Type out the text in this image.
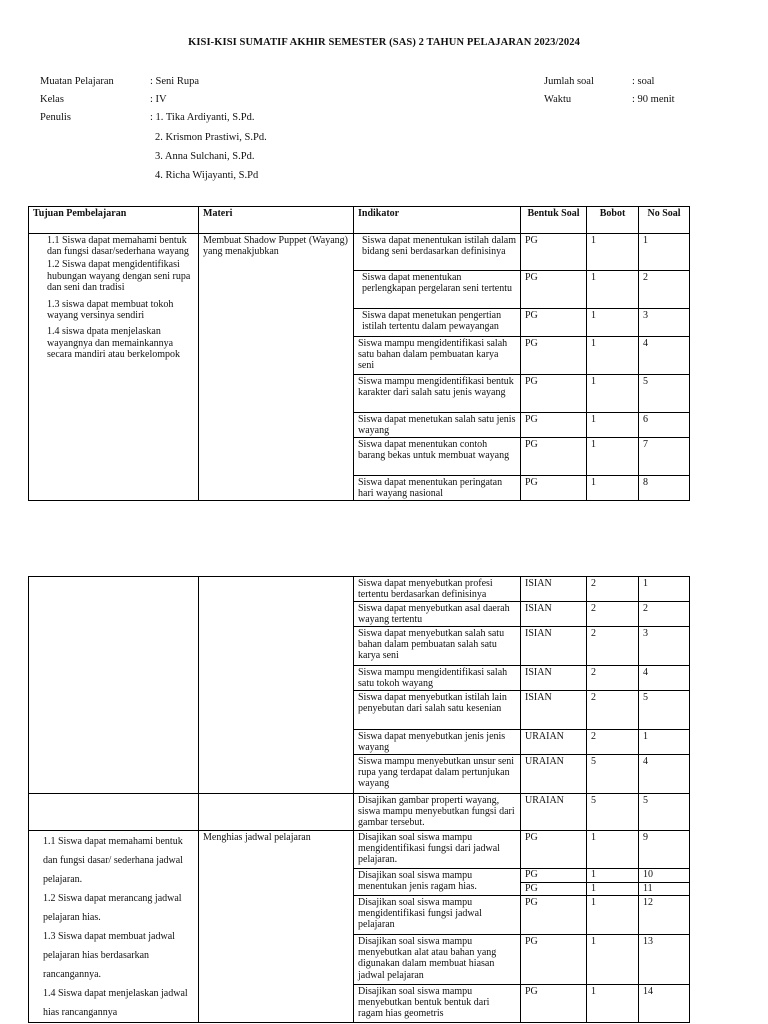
KISI-KISI SUMATIF AKHIR SEMESTER (SAS) 2 TAHUN PELAJARAN 2023/2024
Muatan Pelajaran	: Seni Rupa
Kelas	: IV
Penulis	: 1. Tika Ardiyanti, S.Pd.
2. Krismon Prastiwi, S.Pd.
3. Anna Sulchani, S.Pd.
4. Richa Wijayanti, S.Pd
Jumlah soal	: soal
Waktu	: 90 menit
Tujuan Pembelajaran	Materi	Indikator	Bentuk Soal	Bobot	No Soal

1.1 Siswa dapat memahami bentuk dan fungsi dasar/sederhana wayang

1.2 Siswa dapat mengidentifikasi hubungan wayang dengan seni rupa dan seni dan tradisi

1.3 siswa dapat membuat tokoh wayang versinya sendiri

1.4 siswa dpata menjelaskan wayangnya dan memainkannya secara mandiri atau berkelompok	Membuat Shadow Puppet (Wayang) yang menakjubkan	Siswa dapat menentukan istilah dalam bidang seni berdasarkan definisinya	PG	1	1
		Siswa dapat menentukan perlengkapan pergelaran seni tertentu	PG	1	2
		Siswa dapat menetukan pengertian istilah tertentu dalam pewayangan	PG	1	3
		Siswa mampu mengidentifikasi salah satu bahan dalam pembuatan karya seni	PG	1	4
		Siswa mampu mengidentifikasi bentuk karakter dari salah satu jenis wayang	PG	1	5
		Siswa dapat menetukan salah satu jenis wayang	PG	1	6
		Siswa dapat menentukan contoh barang bekas untuk membuat wayang	PG	1	7
		Siswa dapat menentukan peringatan hari wayang nasional	PG	1	8
		Siswa dapat menyebutkan profesi tertentu berdasarkan definisinya	ISIAN	2	1
		Siswa dapat menyebutkan asal daerah wayang tertentu	ISIAN	2	2
		Siswa dapat menyebutkan salah satu bahan dalam pembuatan salah satu karya seni	ISIAN	2	3
		Siswa mampu mengidentifikasi salah satu tokoh wayang	ISIAN	2	4
		Siswa dapat menyebutkan istilah lain penyebutan dari salah satu kesenian	ISIAN	2	5
		Siswa dapat menyebutkan jenis jenis wayang	URAIAN	2	1
		Siswa mampu menyebutkan unsur seni rupa yang terdapat dalam pertunjukan wayang	URAIAN	5	4
		Disajikan gambar properti wayang, siswa mampu menyebutkan fungsi dari gambar tersebut.	URAIAN	5	5

1.1 Siswa dapat memahami bentuk dan fungsi dasar/ sederhana jadwal pelajaran.

1.2 Siswa dapat merancang jadwal pelajaran hias.

1.3 Siswa dapat membuat jadwal pelajaran hias berdasarkan rancangannya.

1.4 Siswa dapat menjelaskan jadwal hias rancangannya	Menghias jadwal pelajaran	Disajikan soal siswa mampu mengidentifikasi fungsi dari jadwal pelajaran.	PG	1	9
		Disajikan soal siswa mampu menentukan jenis ragam hias.	PG	1	10
			PG	1	11
		Disajikan soal siswa mampu mengidentifikasi fungsi jadwal pelajaran	PG	1	12
		Disajikan soal siswa mampu menyebutkan alat atau bahan yang digunakan dalam membuat hiasan jadwal pelajaran	PG	1	13
		Disajikan soal siswa mampu menyebutkan bentuk bentuk dari ragam hias geometris	PG	1	14
